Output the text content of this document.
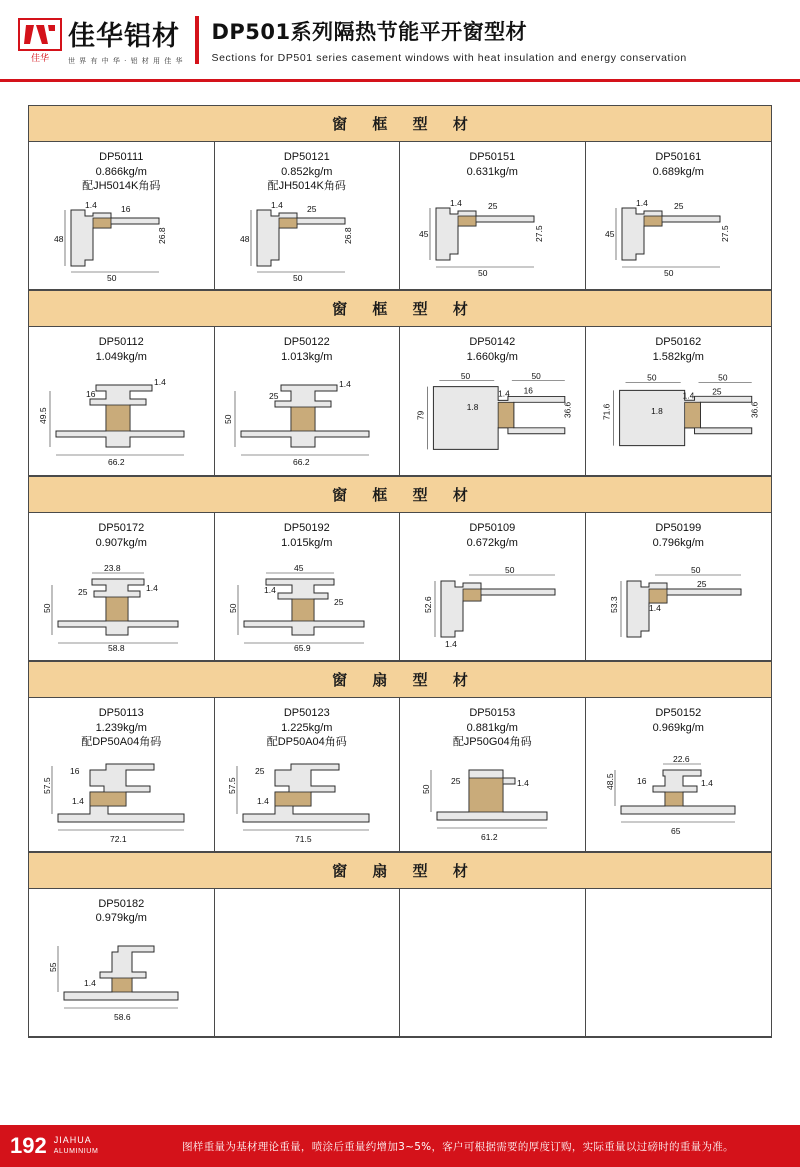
佳华
佳华铝材
世 界 有 中 华 · 铝 材 用 佳 华
DP501系列隔热节能平开窗型材
Sections for DP501 series casement windows with heat insulation and energy conservation
窗 框 型 材
DP50111
0.866kg/m
配JH5014K角码
48
50
1.4	16
26.8
DP50121
0.852kg/m
配JH5014K角码
48
50
1.4	25
26.8
DP50151
0.631kg/m
45
50
1.4	25
27.5
DP50161
0.689kg/m
45
50
1.4	25
27.5
窗 框 型 材
DP50112
1.049kg/m
49.5
66.2
16
1.4
DP50122
1.013kg/m
50
66.2
25
1.4
DP50142
1.660kg/m
79
50	50
1.8
1.4 16
36.6
DP50162
1.582kg/m
71.6
50	50
1.8
1.4 25
36.6
窗 框 型 材
DP50172
0.907kg/m
50
23.8
58.8
25	1.4
DP50192
1.015kg/m
50
45
65.9
1.4
25
DP50109
0.672kg/m
52.6
50
1.4
DP50199
0.796kg/m
53.3
50
1.4
25
窗 扇 型 材
DP50113
1.239kg/m
配DP50A04角码
57.5
72.1
16
1.4
DP50123
1.225kg/m
配DP50A04角码
57.5
71.5
25
1.4
DP50153
0.881kg/m
配JP50G04角码
50
61.2
25	1.4
DP50152
0.969kg/m
48.5
22.6
65
16	1.4
窗 扇 型 材
DP50182
0.979kg/m
55
58.6
1.4
192 JIAHUA
ALUMINIUM	图样重量为基材理论重量，喷涂后重量约增加3~5%，客户可根据需要的厚度订购，实际重量以过磅时的重量为准。
